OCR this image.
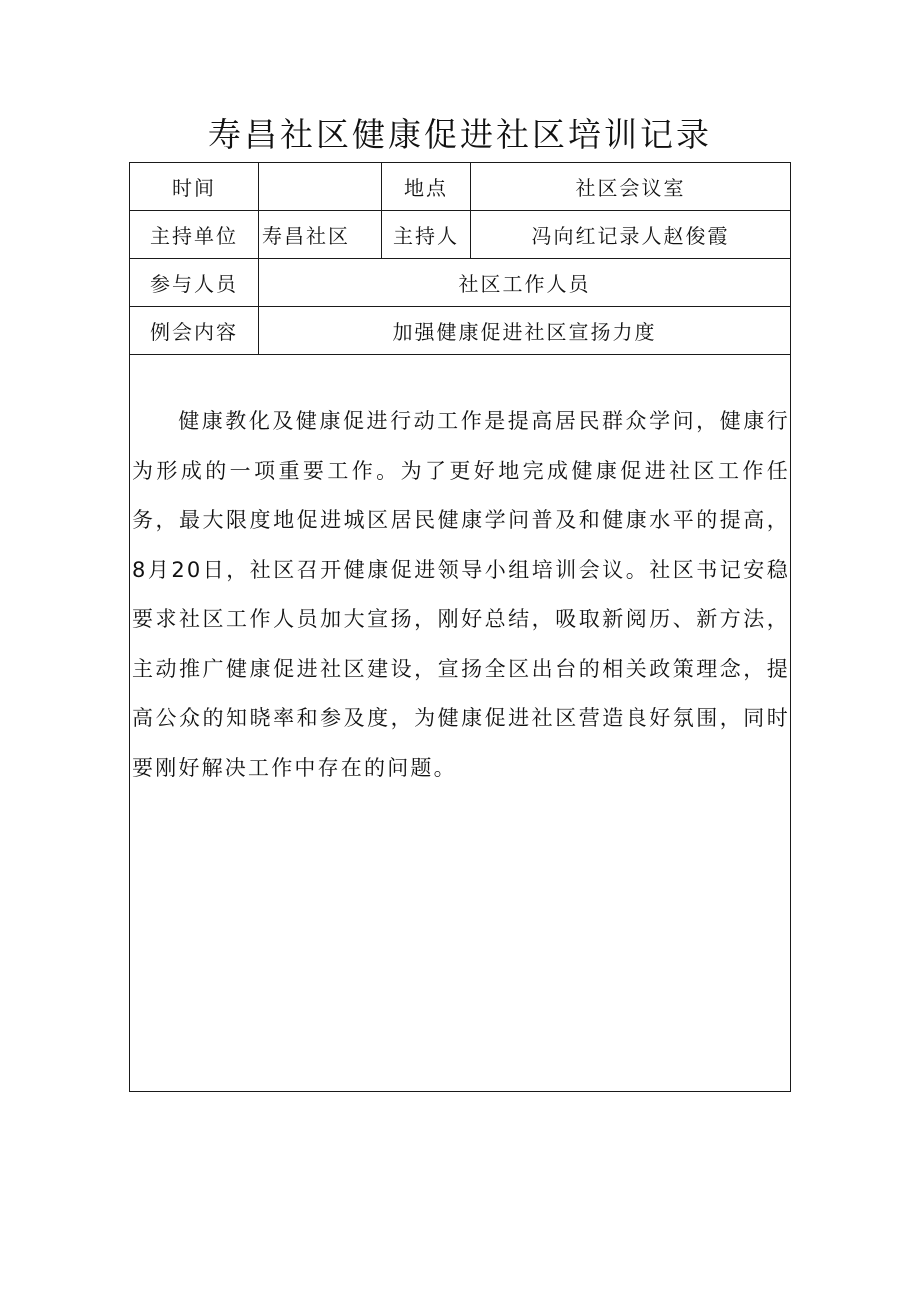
寿昌社区健康促进社区培训记录
时间		地点	社区会议室
主持单位	寿昌社区	主持人	冯向红记录人赵俊霞
参与人员	社区工作人员		
例会内容	加强健康促进社区宣扬力度		

健康教化及健康促进行动工作是提高居民群众学问，健康行为形成的一项重要工作。为了更好地完成健康促进社区工作任务，最大限度地促进城区居民健康学问普及和健康水平的提高，8月20日，社区召开健康促进领导小组培训会议。社区书记安稳要求社区工作人员加大宣扬，刚好总结，吸取新阅历、新方法，主动推广健康促进社区建设，宣扬全区出台的相关政策理念，提高公众的知晓率和参及度，为健康促进社区营造良好氛围，同时要刚好解决工作中存在的问题。			
